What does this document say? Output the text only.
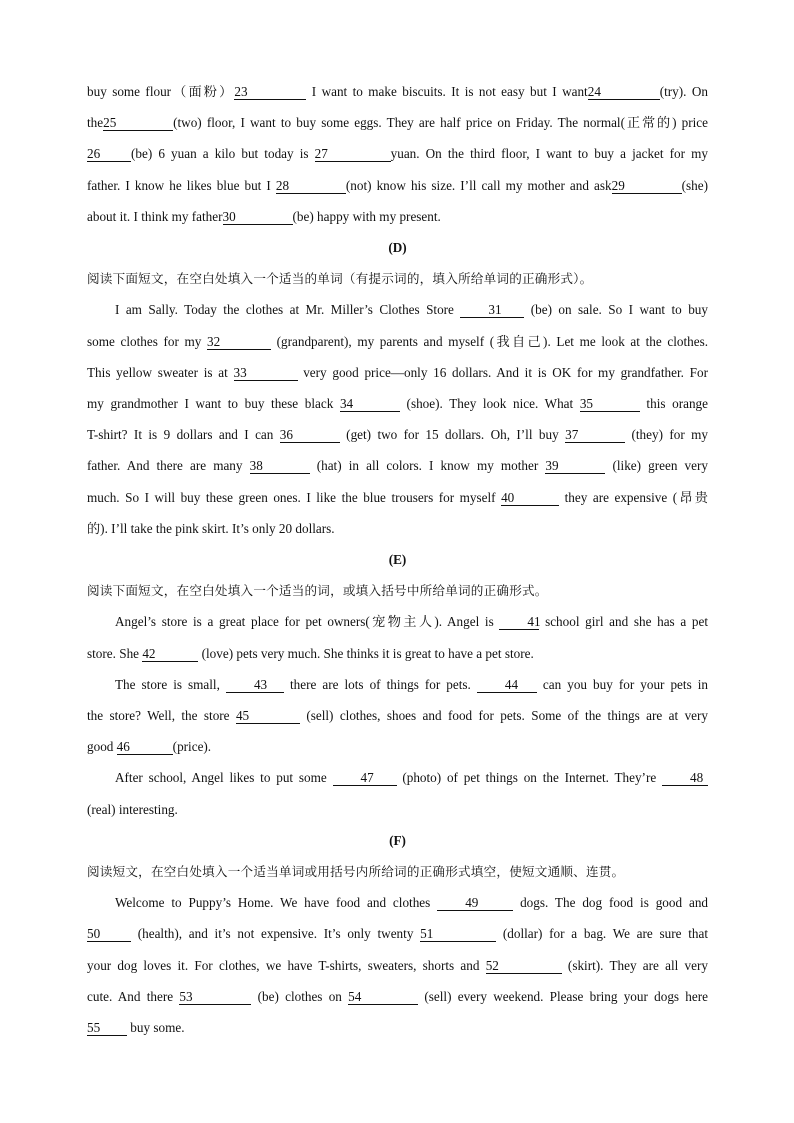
buy some flour（面粉）23	I want to make biscuits. It is not easy but I want24	(try). On

the25	(two) floor, I want to buy some eggs. They are half price on Friday. The normal(正常的) price

26 (be) 6 yuan a kilo but today is 27	yuan. On the third floor, I want to buy a jacket for my

father. I know he likes blue but I 28	(not) know his size. I’ll call my mother and ask29	(she)

about it. I think my father30	(be) happy with my present.

(D)

阅读下面短文，在空白处填入一个适当的单词（有提示词的，填入所给单词的正确形式）。

I am Sally. Today the clothes at Mr. Miller’s Clothes Store 31 (be) on sale. So I want to buy

some clothes for my 32	(grandparent), my parents and myself (我自己). Let me look at the clothes.

This yellow sweater is at 33	very good price—only 16 dollars. And it is OK for my grandfather. For

my grandmother I want to buy these black 34	(shoe). They look nice. What 35	this orange

T-shirt? It is 9 dollars and I can 36	(get) two for 15 dollars. Oh, I’ll buy 37	(they) for my

father. And there are many 38	(hat) in all colors. I know my mother 39	(like) green very

much. So I will buy these green ones. I like the blue trousers for myself 40	they are expensive (昂贵

的). I’ll take the pink skirt. It’s only 20 dollars.

(E)

阅读下面短文，在空白处填入一个适当的词，或填入括号中所给单词的正确形式。

Angel’s store is a great place for pet owners(宠物主人). Angel is 41 school girl and she has a pet

store. She 42	(love) pets very much. She thinks it is great to have a pet store.

The store is small, 43 there are lots of things for pets. 44 can you buy for your pets in

the store? Well, the store 45	(sell) clothes, shoes and food for pets. Some of the things are at very

good 46	(price).

After school, Angel likes to put some 47 (photo) of pet things on the Internet. They’re 48

(real) interesting.

(F)

阅读短文，在空白处填入一个适当单词或用括号内所给词的正确形式填空，使短文通顺、连贯。

Welcome to Puppy’s Home. We have food and clothes 49	dogs. The dog food is good and

50 (health), and it’s not expensive. It’s only twenty 51	(dollar) for a bag. We are sure that

your dog loves it. For clothes, we have T-shirts, sweaters, shorts and 52	(skirt). They are all very

cute. And there 53	(be) clothes on 54	(sell) every weekend. Please bring your dogs here

55 buy some.
